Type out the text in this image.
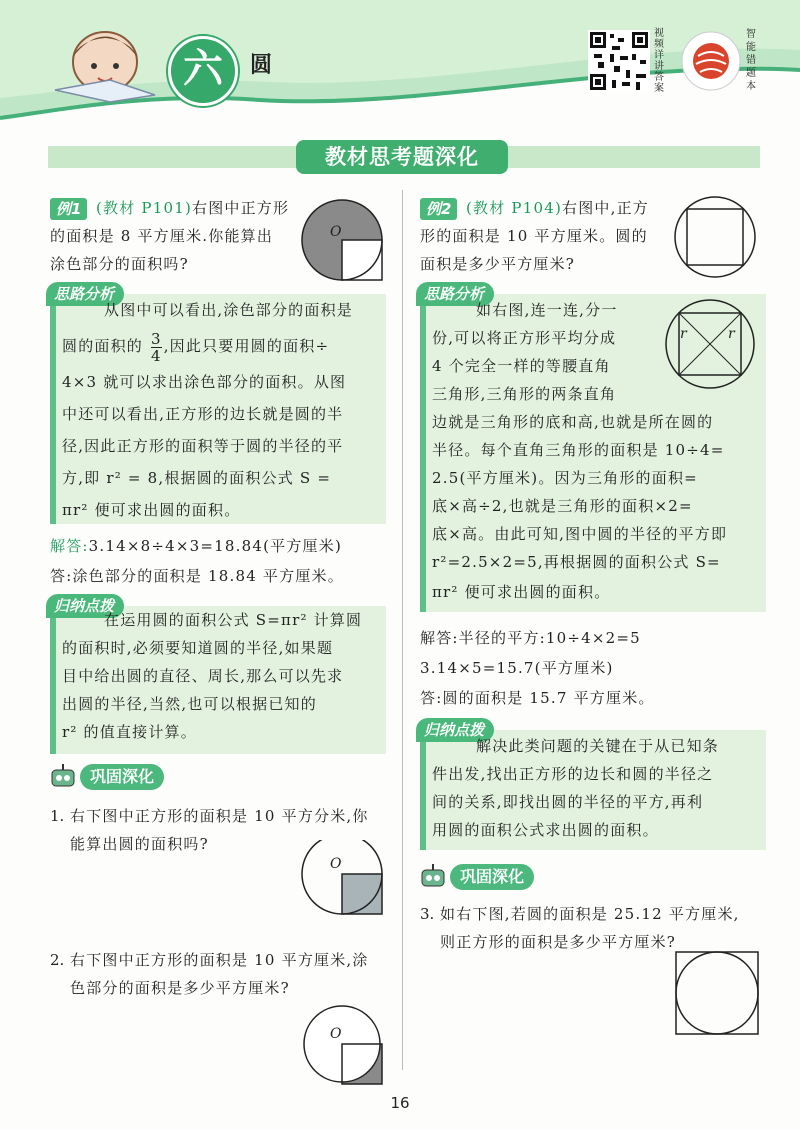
六	圆
视频详讲答案
智能错题本
教材思考题深化
例1 (教材 P101)右图中正方形
的面积是 8 平方厘米.你能算出
涂色部分的面积吗?
O
思路分析
从图中可以看出,涂色部分的面积是
圆的面积的 $\frac{3}{4}$ ,因此只要用圆的面积÷
4×3 就可以求出涂色部分的面积。从图
中还可以看出,正方形的边长就是圆的半
径,因此正方形的面积等于圆的半径的平
方,即 r² = 8,根据圆的面积公式 S =
πr² 便可求出圆的面积。
解答:3.14×8÷4×3=18.84(平方厘米)
答:涂色部分的面积是 18.84 平方厘米。
归纳点拨
在运用圆的面积公式 S=πr² 计算圆
的面积时,必须要知道圆的半径,如果题
目中给出圆的直径、周长,那么可以先求
出圆的半径,当然,也可以根据已知的
r² 的值直接计算。
巩固深化
1. 右下图中正方形的面积是 10 平方分米,你
能算出圆的面积吗?
O
2. 右下图中正方形的面积是 10 平方厘米,涂
色部分的面积是多少平方厘米?
O
例2 (教材 P104)右图中,正方
形的面积是 10 平方厘米。圆的
面积是多少平方厘米?
思路分析
如右图,连一连,分一
份,可以将正方形平均分成
4 个完全一样的等腰直角
三角形,三角形的两条直角
边就是三角形的底和高,也就是所在圆的
半径。每个直角三角形的面积是 10÷4=
2.5(平方厘米)。因为三角形的面积=
底×高÷2,也就是三角形的面积×2=
底×高。由此可知,图中圆的半径的平方即
r²=2.5×2=5,再根据圆的面积公式 S=
πr² 便可求出圆的面积。
r	r
解答:半径的平方:10÷4×2=5
3.14×5=15.7(平方厘米)
答:圆的面积是 15.7 平方厘米。
归纳点拨
解决此类问题的关键在于从已知条
件出发,找出正方形的边长和圆的半径之
间的关系,即找出圆的半径的平方,再利
用圆的面积公式求出圆的面积。
巩固深化
3. 如右下图,若圆的面积是 25.12 平方厘米,
则正方形的面积是多少平方厘米?
16
